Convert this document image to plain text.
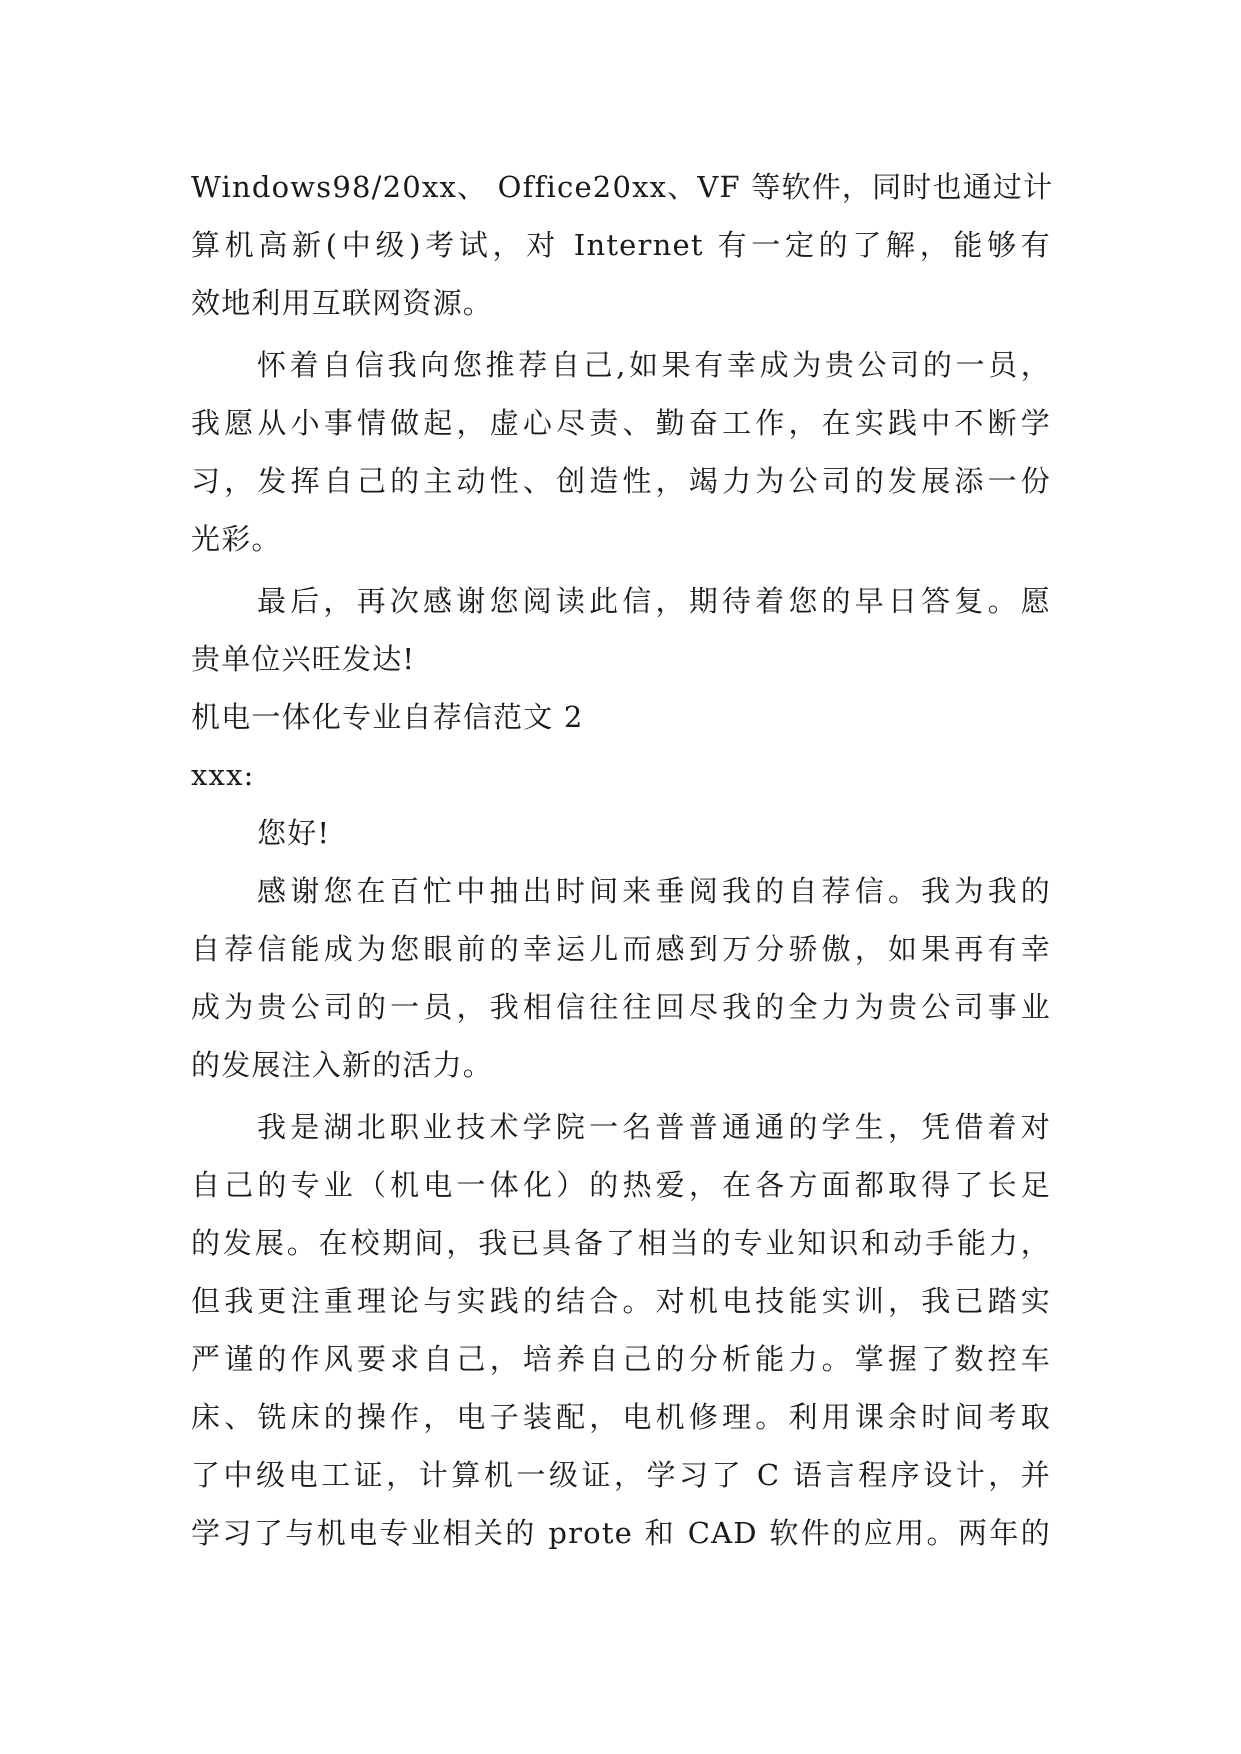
Windows98/20xx、 Office20xx、VF 等软件，同时也通过计
算机高新(中级)考试，对 Internet 有一定的了解，能够有
效地利用互联网资源。
怀着自信我向您推荐自己,如果有幸成为贵公司的一员，
我愿从小事情做起，虚心尽责、勤奋工作，在实践中不断学
习，发挥自己的主动性、创造性，竭力为公司的发展添一份
光彩。
最后，再次感谢您阅读此信，期待着您的早日答复。愿
贵单位兴旺发达!
机电一体化专业自荐信范文 2
xxx:
您好!
感谢您在百忙中抽出时间来垂阅我的自荐信。我为我的
自荐信能成为您眼前的幸运儿而感到万分骄傲，如果再有幸
成为贵公司的一员，我相信往往回尽我的全力为贵公司事业
的发展注入新的活力。
我是湖北职业技术学院一名普普通通的学生，凭借着对
自己的专业（机电一体化）的热爱，在各方面都取得了长足
的发展。在校期间，我已具备了相当的专业知识和动手能力，
但我更注重理论与实践的结合。对机电技能实训，我已踏实
严谨的作风要求自己，培养自己的分析能力。掌握了数控车
床、铣床的操作，电子装配，电机修理。利用课余时间考取
了中级电工证，计算机一级证，学习了 C 语言程序设计，并
学习了与机电专业相关的 prote 和 CAD 软件的应用。两年的
